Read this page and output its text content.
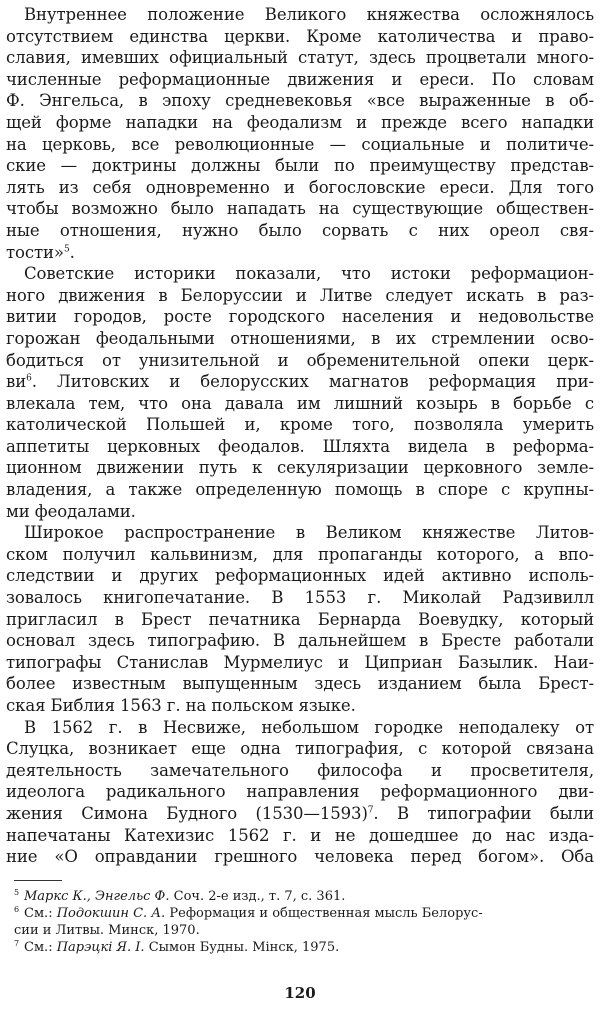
Внутреннее положение Великого княжества осложнялось
отсутствием единства церкви. Кроме католичества и право-
славия, имевших официальный статут, здесь процветали много-
численные реформационные движения и ереси. По словам
Ф. Энгельса, в эпоху средневековья «все выраженные в об-
щей форме нападки на феодализм и прежде всего нападки
на церковь, все революционные — социальные и политиче-
ские — доктрины должны были по преимуществу представ-
лять из себя одновременно и богословские ереси. Для того
чтобы возможно было нападать на существующие обществен-
ные отношения, нужно было сорвать с них ореол свя-
тости»$^5$.
Советские историки показали, что истоки реформацион-
ного движения в Белоруссии и Литве следует искать в раз-
витии городов, росте городского населения и недовольстве
горожан феодальными отношениями, в их стремлении осво-
бодиться от унизительной и обременительной опеки церк-
$ви^6$. Литовских и белорусских магнатов реформация при-
влекала тем, что она давала им лишний козырь в борьбе с
католической Польшей и, кроме того, позволяла умерить
аппетиты церковных феодалов. Шляхта видела в реформа-
ционном движении путь к секуляризации церковного земле-
владения, а также определенную помощь в споре с крупны-
ми феодалами.
Широкое распространение в Великом княжестве Литов-
ском получил кальвинизм, для пропаганды которого, а впо-
следствии и других реформационных идей активно исполь-
зовалось книгопечатание. В 1553 г. Миколай Радзивилл
пригласил в Брест печатника Бернарда Воевудку, который
основал здесь типографию. В дальнейшем в Бресте работали
типографы Станислав Мурмелиус и Циприан Базылик. Наи-
более известным выпущенным здесь изданием была Брест-
ская Библия 1563 г. на польском языке.
В 1562 г. в Несвиже, небольшом городке неподалеку от
Слуцка, возникает еще одна типография, с которой связана
деятельность замечательного философа и просветителя,
идеолога радикального направления реформационного дви-
жения Симона Будного (1530—1593)$^7$. В типографии были
напечатаны Катехизис 1562 г. и не дошедшее до нас изда-
ние «О оправдании грешного человека перед богом». Оба
5 Маркс К., Энгельс Ф. Соч. 2-е изд., т. 7, с. 361.
6 См.: Подокшин С. А. Реформация и общественная мысль Белорус-
сии и Литвы. Минск, 1970.
7 См.: Парэцкі Я. І. Сымон Будны. Мінск, 1975.
120
